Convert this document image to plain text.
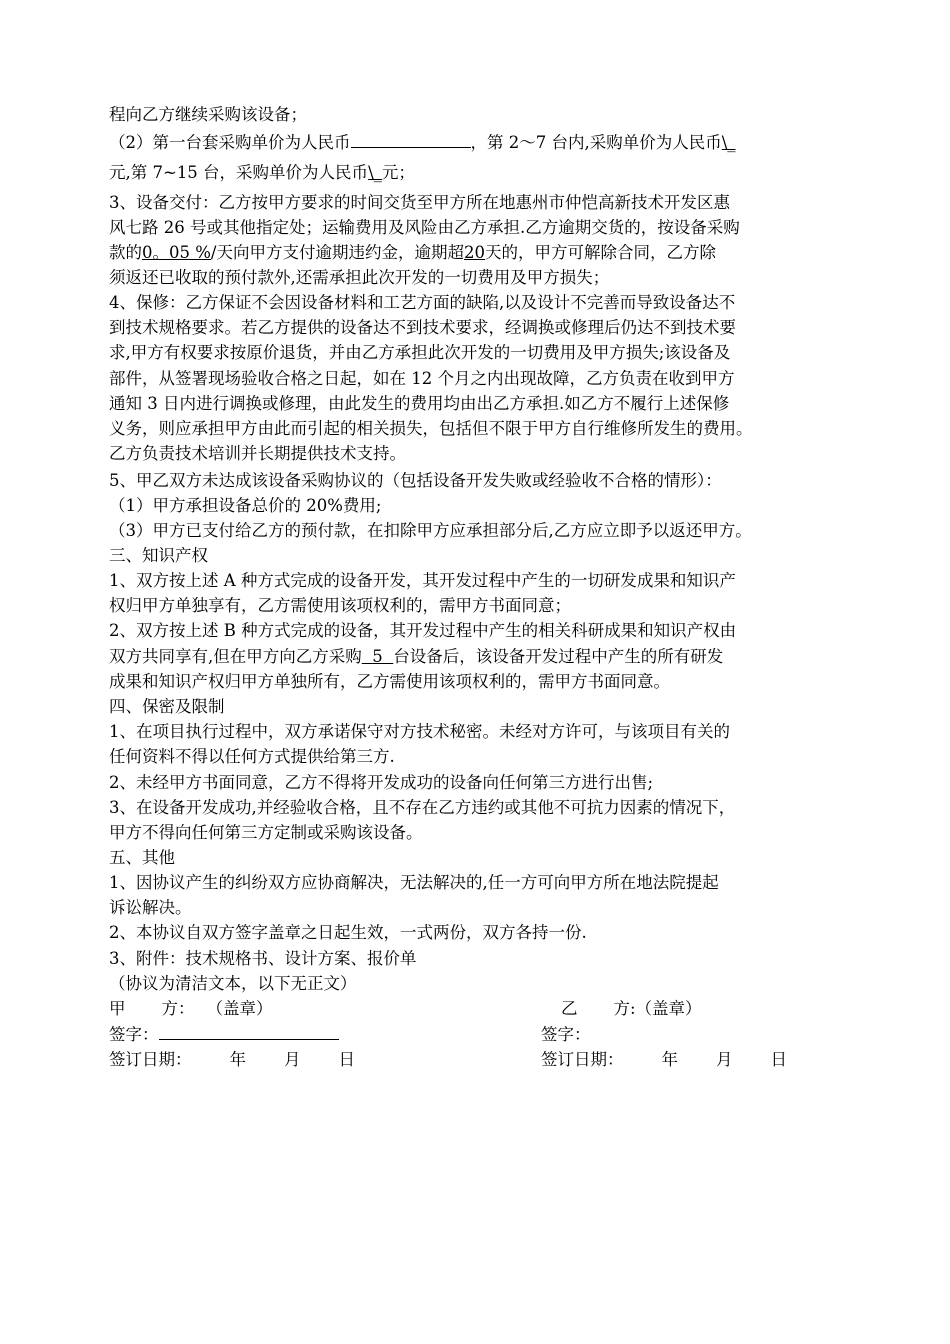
程向乙方继续采购该设备；
（2）第一台套采购单价为人民币	，第 2～7 台内,采购单价为人民币\_
元,第 7~15 台，采购单价为人民币\_元；
3、设备交付：乙方按甲方要求的时间交货至甲方所在地惠州市仲恺高新技术开发区惠
风七路 26 号或其他指定处；运输费用及风险由乙方承担.乙方逾期交货的，按设备采购
款的0。05 %/天向甲方支付逾期违约金，逾期超20天的，甲方可解除合同，乙方除
须返还已收取的预付款外,还需承担此次开发的一切费用及甲方损失；
4、保修：乙方保证不会因设备材料和工艺方面的缺陷,以及设计不完善而导致设备达不
到技术规格要求。若乙方提供的设备达不到技术要求，经调换或修理后仍达不到技术要
求,甲方有权要求按原价退货，并由乙方承担此次开发的一切费用及甲方损失;该设备及
部件，从签署现场验收合格之日起，如在 12 个月之内出现故障，乙方负责在收到甲方
通知 3 日内进行调换或修理，由此发生的费用均由出乙方承担.如乙方不履行上述保修
义务，则应承担甲方由此而引起的相关损失，包括但不限于甲方自行维修所发生的费用。
乙方负责技术培训并长期提供技术支持。
5、甲乙双方未达成该设备采购协议的（包括设备开发失败或经验收不合格的情形）：
（1）甲方承担设备总价的 20%费用;
（3）甲方已支付给乙方的预付款，在扣除甲方应承担部分后,乙方应立即予以返还甲方。
三、知识产权
1、双方按上述 A 种方式完成的设备开发，其开发过程中产生的一切研发成果和知识产
权归甲方单独享有，乙方需使用该项权利的，需甲方书面同意；
2、双方按上述 B 种方式完成的设备，其开发过程中产生的相关科研成果和知识产权由
双方共同享有,但在甲方向乙方采购  5  台设备后，该设备开发过程中产生的所有研发
成果和知识产权归甲方单独所有，乙方需使用该项权利的，需甲方书面同意。
四、保密及限制
1、在项目执行过程中，双方承诺保守对方技术秘密。未经对方许可，与该项目有关的
任何资料不得以任何方式提供给第三方.
2、未经甲方书面同意，乙方不得将开发成功的设备向任何第三方进行出售;
3、在设备开发成功,并经验收合格，且不存在乙方违约或其他不可抗力因素的情况下，
甲方不得向任何第三方定制或采购该设备。
五、其他
1、因协议产生的纠纷双方应协商解决，无法解决的,任一方可向甲方所在地法院提起
诉讼解决。
2、本协议自双方签字盖章之日起生效，一式两份，双方各持一份.
3、附件：技术规格书、设计方案、报价单
（协议为清洁文本，以下无正文）
甲 方： （盖章）
签字：
签订日期： 年 月 日
乙 方:（盖章）
签字：
签订日期： 年 月 日
